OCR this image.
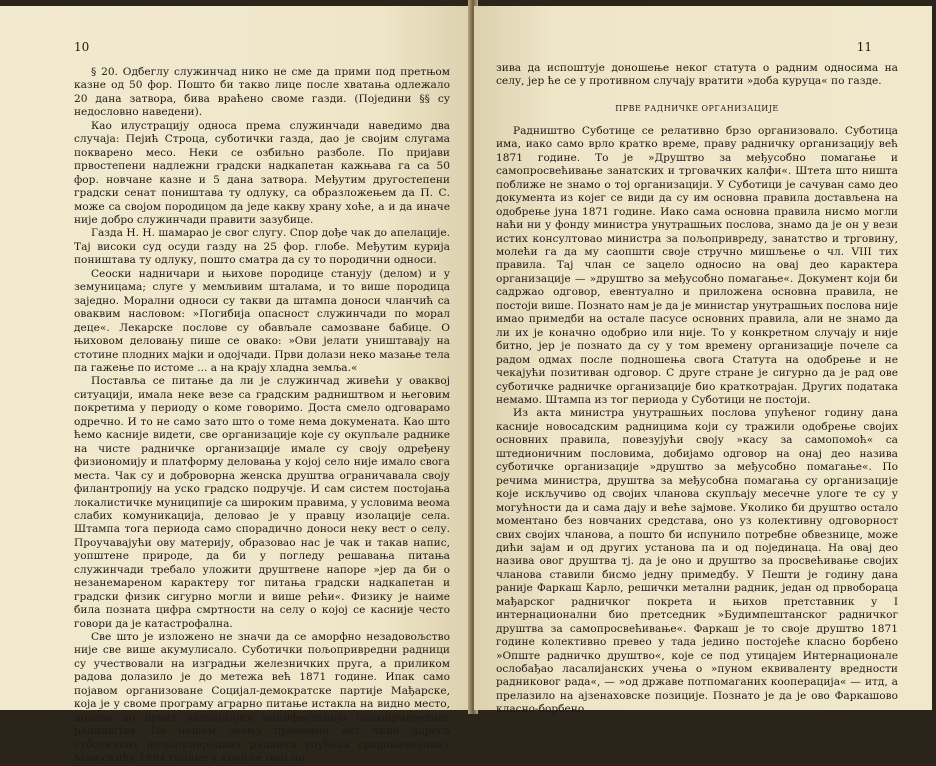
10

§ 20. Одбеглу служинчад нико не сме да прими под претњом казне од 50 фор. Пошто би такво лице после хватања одлежало 20 дана затвора, бива враћено своме газди. (Поједини §§ су недословно наведени).

Као илустрацију односа према служинчади наведимо два случаја: Пејић Строца, суботички газда, дао је својим слугама покварено месо. Неки се озбиљно разболе. По пријави првостепени надлежни градски надкапетан кажњава га са 50 фор. новчане казне и 5 дана затвора. Међутим другостепени градски сенат поништава ту одлуку, са образложењем да П. С. може са својом породицом да једе какву храну хоће, а и да иначе није добро служинчади правити зазубице.

Газда Н. Н. шамарао је свог слугу. Спор дође чак до апелације. Тај високи суд осуди газду на 25 фор. глобе. Међутим курија поништава ту одлуку, пошто сматра да су то породични односи.

Сеоски надничари и њихове породице станују (делом) и у земуницама; слуге у мемљивим шталама, и то више породица заједно. Морални односи су такви да штампа доноси чланчић са оваквим насловом: »Погибија опасност служинчади по морал деце«. Лекарске послове су обављале самозване бабице. О њиховом деловању пише се овако: »Ови јелати уништавају на стотине плодних мајки и одојчади. Први долази неко мазање тела па гажење по истоме ... а на крају хладна земља.«

Постављa се питање да ли је служинчад живећи у оваквој ситуацији, имала неке везе са градским радништвом и његовим покретима у периоду о коме говоримо. Доста смело одговарамо одречно. И то не само зато што о томе нема докумената. Као што ћемо касније видети, све организације које су окупљале раднике на чисте радничке организације имале су своју одређену физиономију и платформу деловања у којој село није имало свога места. Чак су и доброворна женска друштва ограничавала своју филантропију на уско градско подручје. И сам систем постојања локалистичке муниципије са широким правима, у условима веома слабих комуникација, деловао је у правцу изолације села. Штампа тога периода само спорадично доноси неку вест о селу. Проучавајући ову материју, образовао нас је чак и такав напис, уопштене природе, да би у погледу решавања питања служинчади требало уложити друштвене напоре »јер да би о незанемареном карактеру тог питања градски надкапетан и градски физик сигурно могли и више рећи«. Физику је наиме била позната цифра смртности на селу о којој се касније често говори да је катастрофална.

Све што је изложено не значи да се аморфно незадовољство није све више акумулисало. Суботички пољопривредни радници су учествовали на изградњи железничких пруга, а приликом радова долазило је до метежа већ 1871 године. Ипак само појавом организоване Социјал-демократске партије Мађарске, која је у своме програму аграрно питање истакла на видно место, долази до првих значајнијих манифестација пољопривредног радништва. По нашем знању прекомни акт чини адреса суботичких пољопривредних радника упућена градоначелнику Мамужићу 1894 године у којој се овај по-

11

зива да испоштује доношење неког статута о радним односима на селу, јер ће се у противном случају вратити »доба куруца« по газде.

ПРВЕ РАДНИЧКЕ ОРГАНИЗАЦИЈЕ

Радништво Суботице се релативно брзо организовало. Суботица има, иако само врло кратко време, праву радничку организацију већ 1871 године. То је »Друштво за међусобно помагање и самопросвећивање занатских и трговачких калфи«. Штета што ништа поближе не знамо о тој организацији. У Суботици је сачуван само део документа из којег се види да су им основна правила достављена на одобрење јуна 1871 године. Иако сама основна правила нисмо могли наћи ни у фонду министра унутрашњих послова, знамо да је он у вези истих консултовао министра за пољопривреду, занатство и трговину, молећи га да му саопшти своје стручно мишљење о чл. VIII тих правила. Тај члан се зацело односио на овај део карактера организације — »друштво за међусобно помагање«. Документ који би садржао одговор, евентуално и приложена основна правила, не постоји више. Познато нам је да је министар унутрашњих послова није имао примедби на остале пасусе основних правила, али не знамо да ли их је коначно одобрио или није. То у конкретном случају и није битно, јер је познато да су у том времену организације почеле са радом одмах после подношења свога Статута на одобрење и не чекајући позитиван одговор. С друге стране је сигурно да је рад ове суботичке радничке организације био краткотрајан. Других података немамо. Штампа из тог периода у Суботици не постоји.

Из акта министра унутрашњих послова упућеног годину дана касније новосадским радницима који су тражили одобрење својих основних правила, повезујући своју »касу за самопомоћ« са штедионичним пословима, добијамо одговор на онај део назива суботичке организације »друштво за међусобно помагање«. По речима министра, друштва за међусобна помагања су организације које искључиво од својих чланова скупљају месечне улоге те су у могућности да и сама дају и веће зајмове. Уколико би друштво остало моментано без новчаних средстава, оно уз колективну одговорност свих својих чланова, а пошто би испунило потребне обвезнице, може дићи зајам и од других установа па и од појединаца. На овај део назива овог друштва тј. да је оно и друштво за просвећивање својих чланова ставили бисмо једну примедбу. У Пешти је годину дана раније Фаркаш Карло, решички метални радник, један од првобораца мађарског радничког покрета и њихов претставник у I интернационални био претседник »Будимпештанског радничког друштва за самопросвећивање«. Фаркаш је то своје друштво 1871 године колективно превео у тада једино постојеће класно борбено »Опште радничко друштво«, које се под утицајем Интернационале ослобађао ласалијанских учења о »пуном еквиваленту вредности радниковог рада«, — »од државе потпомаганих кооперација« — итд, а прелазило на ајзенаховске позиције. Познато је да је ово Фаркашово класно-борбено
